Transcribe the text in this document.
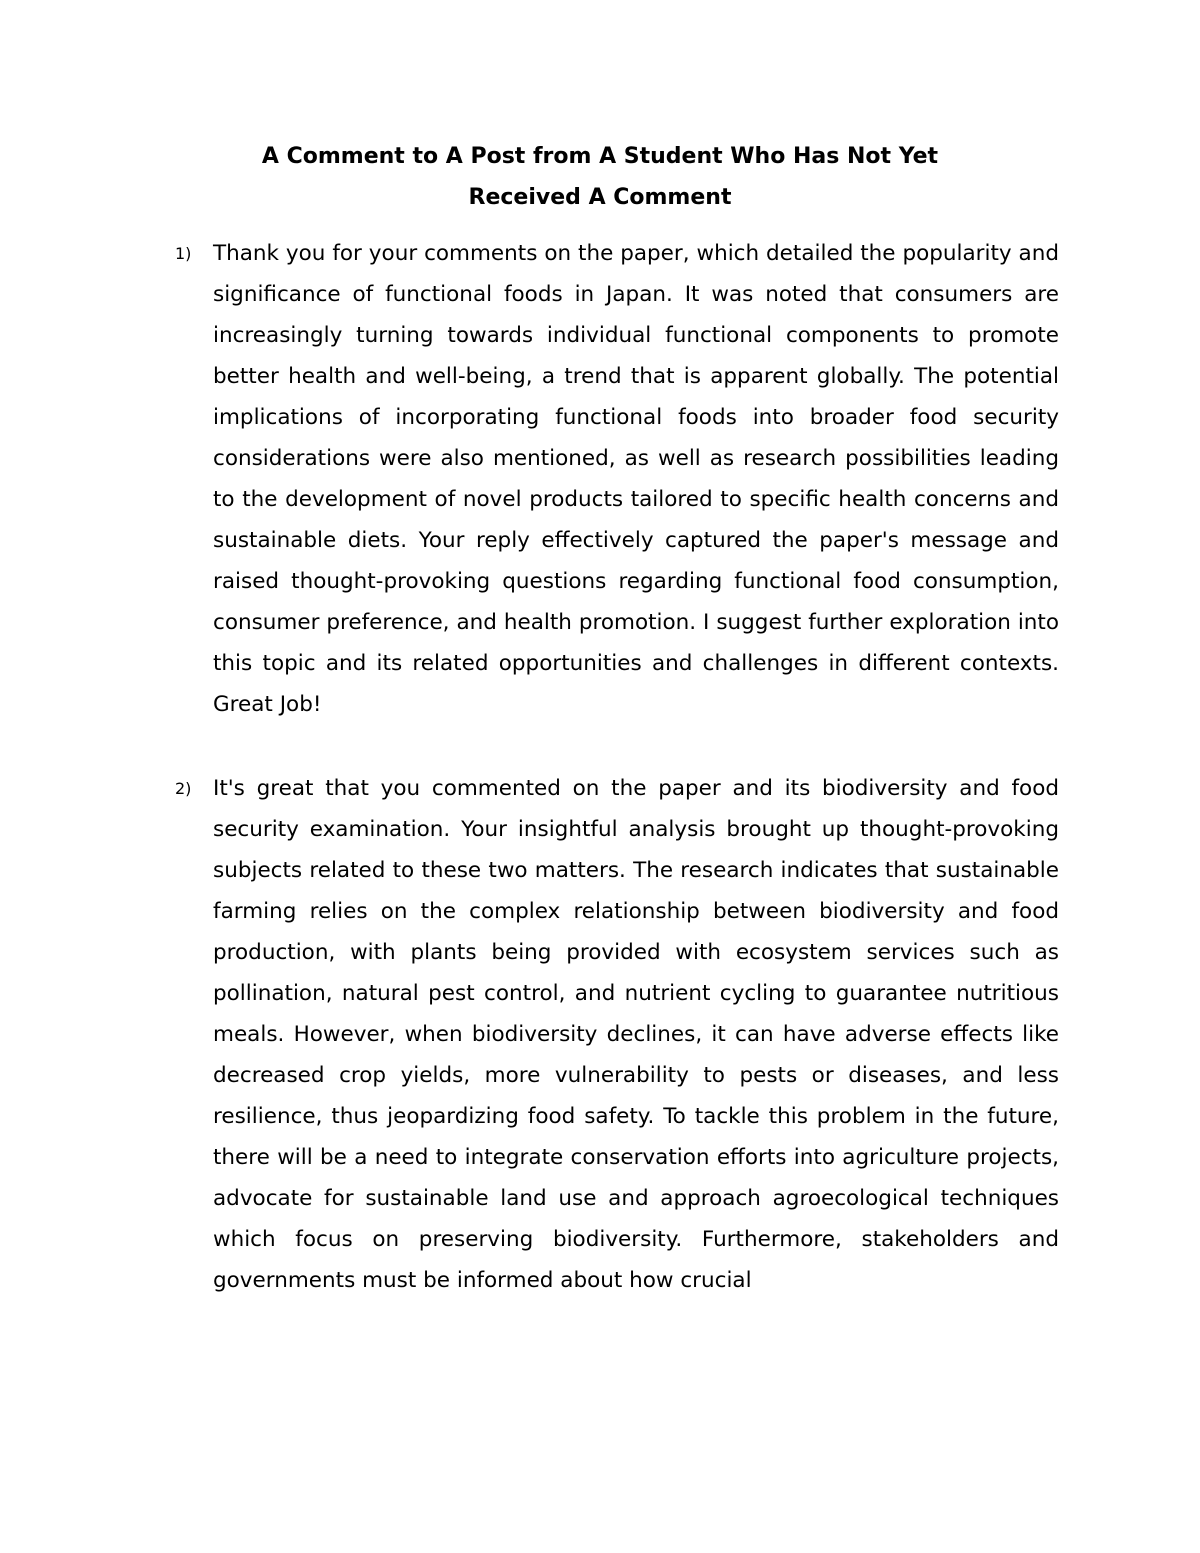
A Comment to A Post from A Student Who Has Not Yet
Received A Comment
1) Thank you for your comments on the paper, which detailed the popularity and significance of functional foods in Japan. It was noted that consumers are increasingly turning towards individual functional components to promote better health and well-being, a trend that is apparent globally. The potential implications of incorporating functional foods into broader food security considerations were also mentioned, as well as research possibilities leading to the development of novel products tailored to specific health concerns and sustainable diets. Your reply effectively captured the paper's message and raised thought-provoking questions regarding functional food consumption, consumer preference, and health promotion. I suggest further exploration into this topic and its related opportunities and challenges in different contexts. Great Job!

2) It's great that you commented on the paper and its biodiversity and food security examination. Your insightful analysis brought up thought-provoking subjects related to these two matters. The research indicates that sustainable farming relies on the complex relationship between biodiversity and food production, with plants being provided with ecosystem services such as pollination, natural pest control, and nutrient cycling to guarantee nutritious meals. However, when biodiversity declines, it can have adverse effects like decreased crop yields, more vulnerability to pests or diseases, and less resilience, thus jeopardizing food safety. To tackle this problem in the future, there will be a need to integrate conservation efforts into agriculture projects, advocate for sustainable land use and approach agroecological techniques which focus on preserving biodiversity. Furthermore, stakeholders and governments must be informed about how crucial
